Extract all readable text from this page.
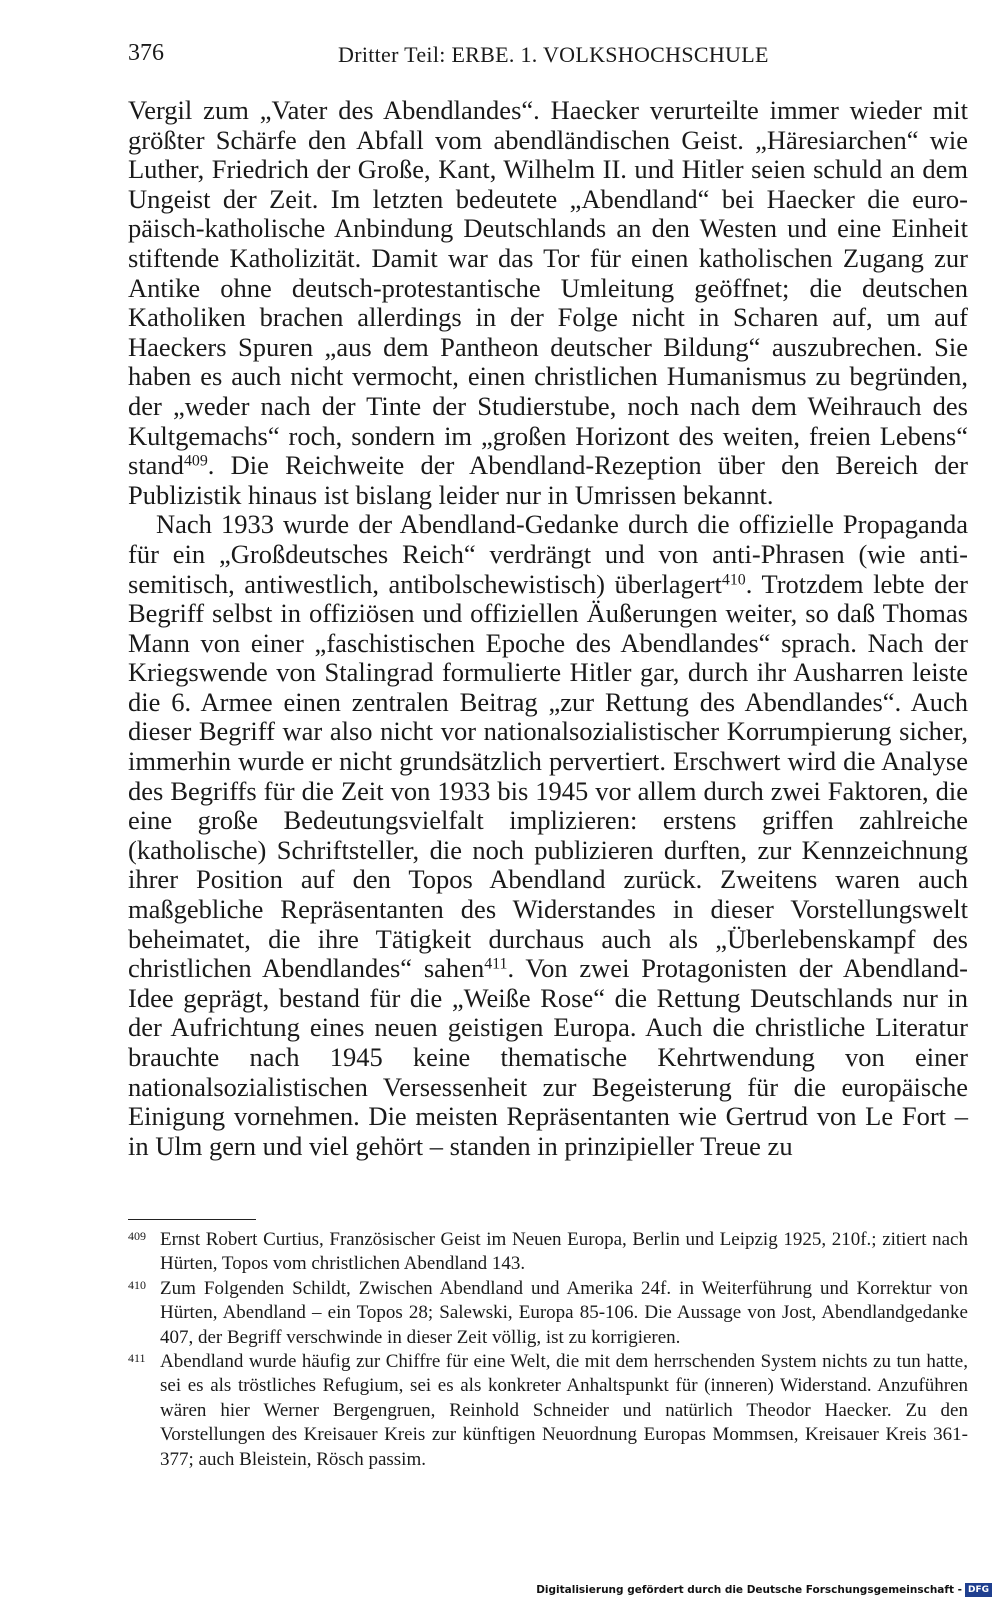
376	Dritter Teil: ERBE. 1. VOLKSHOCHSCHULE

Vergil zum „Vater des Abendlandes“. Haecker verurteilte immer wieder mit größter Schärfe den Abfall vom abendländischen Geist. „Häresiarchen“ wie Luther, Friedrich der Große, Kant, Wilhelm II. und Hitler seien schuld an dem Ungeist der Zeit. Im letzten bedeutete „Abendland“ bei Haecker die europäisch-katholische Anbindung Deutschlands an den Westen und eine Einheit stiftende Katholizität. Damit war das Tor für einen katholischen Zugang zur Antike ohne deutsch-protestantische Umleitung geöffnet; die deutschen Katholiken brachen allerdings in der Folge nicht in Scharen auf, um auf Haeckers Spuren „aus dem Pantheon deutscher Bildung“ auszubrechen. Sie haben es auch nicht vermocht, einen christlichen Humanismus zu begründen, der „weder nach der Tinte der Studierstube, noch nach dem Weihrauch des Kultgemachs“ roch, sondern im „großen Horizont des weiten, freien Lebens“ stand$^{409}$. Die Reichweite der Abendland-Rezeption über den Bereich der Publizistik hinaus ist bislang leider nur in Umrissen bekannt.

Nach 1933 wurde der Abendland-Gedanke durch die offizielle Propaganda für ein „Großdeutsches Reich“ verdrängt und von anti-Phrasen (wie antisemitisch, antiwestlich, antibolschewistisch) überlagert$^{410}$. Trotzdem lebte der Begriff selbst in offiziösen und offiziellen Äußerungen weiter, so daß Thomas Mann von einer „faschistischen Epoche des Abendlandes“ sprach. Nach der Kriegswende von Stalingrad formulierte Hitler gar, durch ihr Ausharren leiste die 6. Armee einen zentralen Beitrag „zur Rettung des Abendlandes“. Auch dieser Begriff war also nicht vor nationalsozialistischer Korrumpierung sicher, immerhin wurde er nicht grundsätzlich pervertiert. Erschwert wird die Analyse des Begriffs für die Zeit von 1933 bis 1945 vor allem durch zwei Faktoren, die eine große Bedeutungsvielfalt implizieren: erstens griffen zahlreiche (katholische) Schriftsteller, die noch publizieren durften, zur Kennzeichnung ihrer Position auf den Topos Abendland zurück. Zweitens waren auch maßgebliche Repräsentanten des Widerstandes in dieser Vorstellungswelt beheimatet, die ihre Tätigkeit durchaus auch als „Überlebenskampf des christlichen Abendlandes“ sahen$^{411}$. Von zwei Protagonisten der Abendland-Idee geprägt, bestand für die „Weiße Rose“ die Rettung Deutschlands nur in der Aufrichtung eines neuen geistigen Europa. Auch die christliche Literatur brauchte nach 1945 keine thematische Kehrtwendung von einer nationalsozialistischen Versessenheit zur Begeisterung für die europäische Einigung vornehmen. Die meisten Repräsentanten wie Gertrud von Le Fort – in Ulm gern und viel gehört – standen in prinzipieller Treue zu

409 Ernst Robert Curtius, Französischer Geist im Neuen Europa, Berlin und Leipzig 1925, 210f.; zitiert nach Hürten, Topos vom christlichen Abendland 143.

410 Zum Folgenden Schildt, Zwischen Abendland und Amerika 24f. in Weiterführung und Korrektur von Hürten, Abendland – ein Topos 28; Salewski, Europa 85-106. Die Aussage von Jost, Abendlandgedanke 407, der Begriff verschwinde in dieser Zeit völlig, ist zu korrigieren.

411 Abendland wurde häufig zur Chiffre für eine Welt, die mit dem herrschenden System nichts zu tun hatte, sei es als tröstliches Refugium, sei es als konkreter Anhaltspunkt für (inneren) Widerstand. Anzuführen wären hier Werner Bergengruen, Reinhold Schneider und natürlich Theodor Haecker. Zu den Vorstellungen des Kreisauer Kreis zur künftigen Neuordnung Europas Mommsen, Kreisauer Kreis 361-377; auch Bleistein, Rösch passim.

Digitalisierung gefördert durch die Deutsche Forschungsgemeinschaft - DFG
